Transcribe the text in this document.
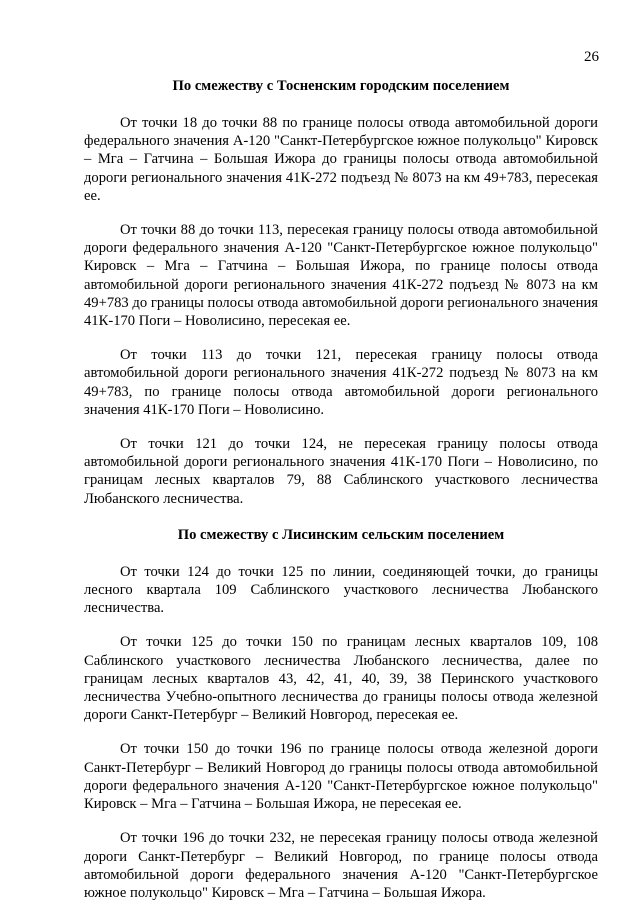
26

По смежеству с Тосненским городским поселением

От точки 18 до точки 88 по границе полосы отвода автомобильной дороги федерального значения А-120 "Санкт-Петербургское южное полукольцо" Кировск – Мга – Гатчина – Большая Ижора до границы полосы отвода автомобильной дороги регионального значения 41К-272 подъезд № 8073 на км 49+783, пересекая ее.

От точки 88 до точки 113, пересекая границу полосы отвода автомобильной дороги федерального значения А-120 "Санкт-Петербургское южное полукольцо" Кировск – Мга – Гатчина – Большая Ижора, по границе полосы отвода автомобильной дороги регионального значения 41К-272 подъезд № 8073 на км 49+783 до границы полосы отвода автомобильной дороги регионального значения 41К-170 Поги – Новолисино, пересекая ее.

От точки 113 до точки 121, пересекая границу полосы отвода автомобильной дороги регионального значения 41К-272 подъезд № 8073 на км 49+783, по границе полосы отвода автомобильной дороги регионального значения 41К-170 Поги – Новолисино.

От точки 121 до точки 124, не пересекая границу полосы отвода автомобильной дороги регионального значения 41К-170 Поги – Новолисино, по границам лесных кварталов 79, 88 Саблинского участкового лесничества Любанского лесничества.

По смежеству с Лисинским сельским поселением

От точки 124 до точки 125 по линии, соединяющей точки, до границы лесного квартала 109 Саблинского участкового лесничества Любанского лесничества.

От точки 125 до точки 150 по границам лесных кварталов 109, 108 Саблинского участкового лесничества Любанского лесничества, далее по границам лесных кварталов 43, 42, 41, 40, 39, 38 Перинского участкового лесничества Учебно-опытного лесничества до границы полосы отвода железной дороги Санкт-Петербург – Великий Новгород, пересекая ее.

От точки 150 до точки 196 по границе полосы отвода железной дороги Санкт-Петербург – Великий Новгород до границы полосы отвода автомобильной дороги федерального значения А-120 "Санкт-Петербургское южное полукольцо" Кировск – Мга – Гатчина – Большая Ижора, не пересекая ее.

От точки 196 до точки 232, не пересекая границу полосы отвода железной дороги Санкт-Петербург – Великий Новгород, по границе полосы отвода автомобильной дороги федерального значения А-120 "Санкт-Петербургское южное полукольцо" Кировск – Мга – Гатчина – Большая Ижора.
